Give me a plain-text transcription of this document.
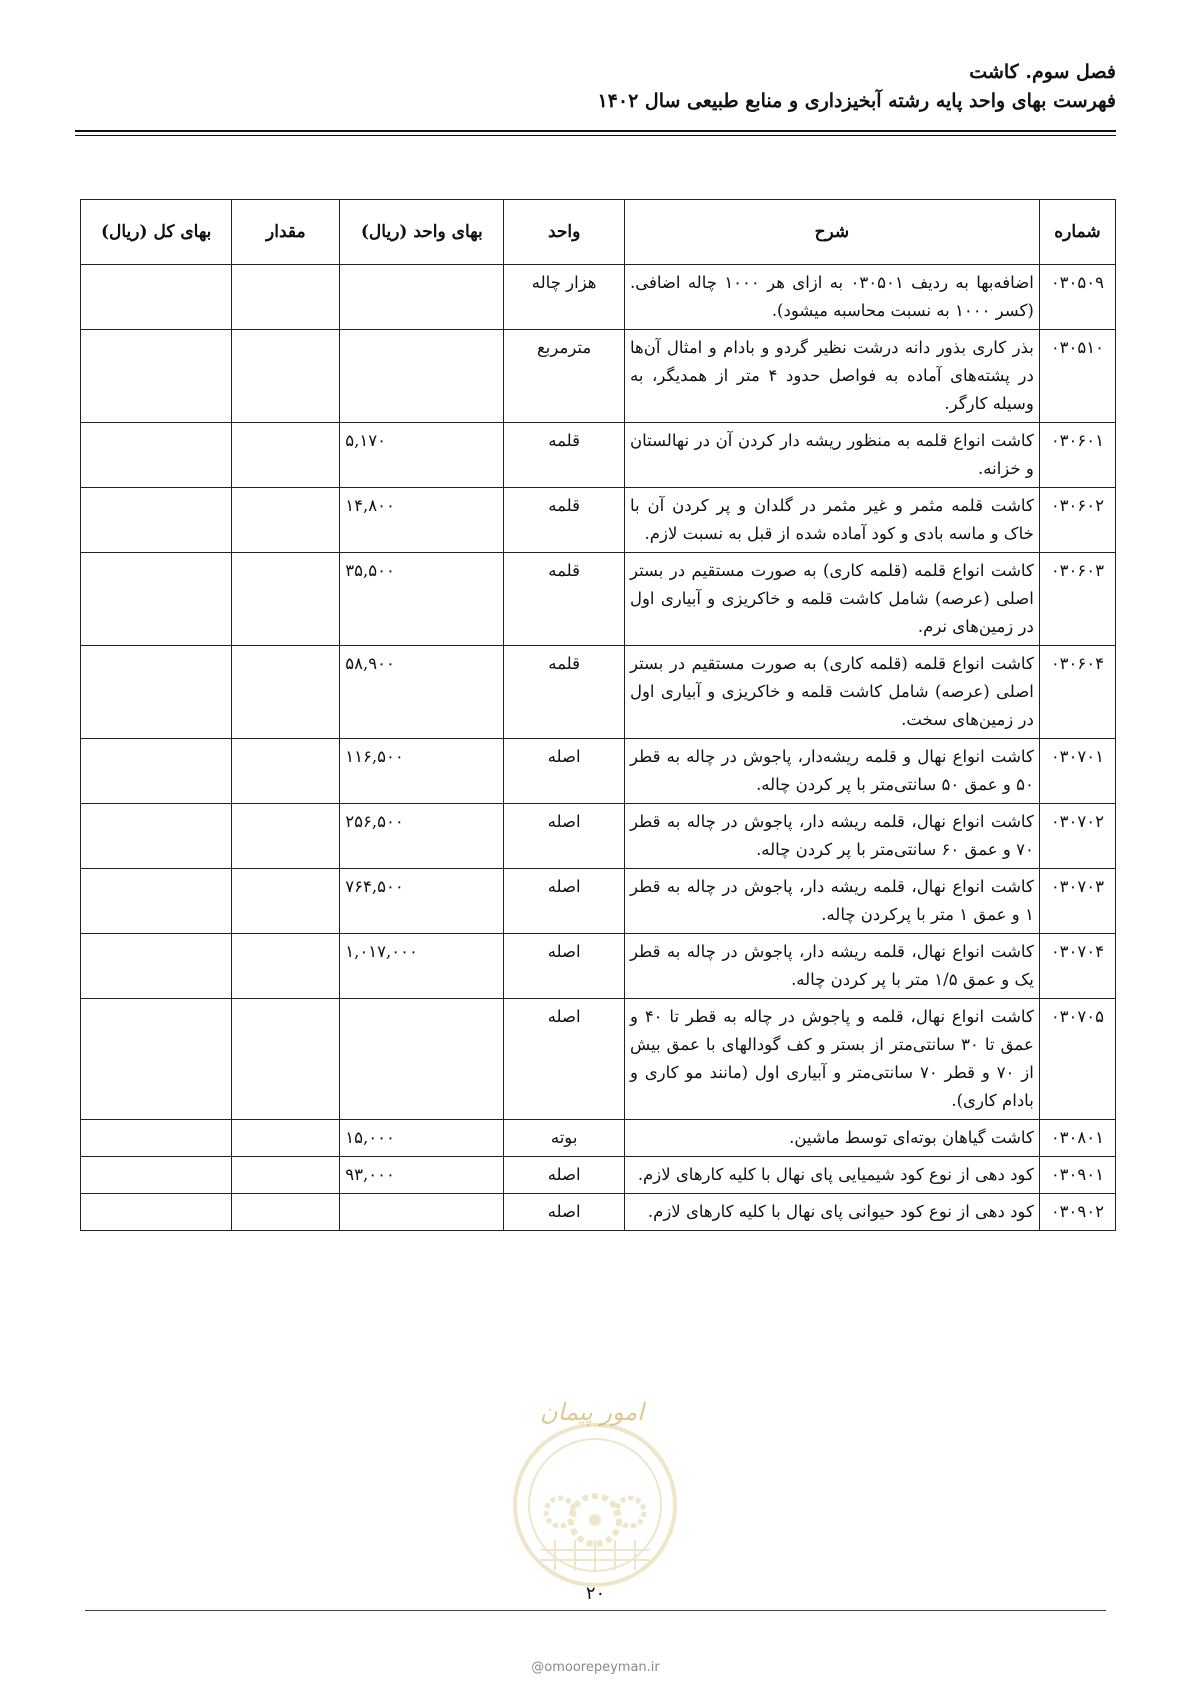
فصل سوم. کاشت
فهرست بهای واحد پایه رشته آبخیزداری و منابع طبیعی سال ۱۴۰۲
شماره	شرح	واحد	بهای واحد (ریال)	مقدار	بهای کل (ریال)
۰۳۰۵۰۹	اضافه‌بها به ردیف ۰۳۰۵۰۱ به ازای هر ۱۰۰۰ چاله اضافی. (کسر ۱۰۰۰ به نسبت محاسبه میشود).	هزار چاله			
۰۳۰۵۱۰	بذر کاری بذور دانه درشت نظیر گردو و بادام و امثال آن‌ها در پشته‌های آماده به فواصل حدود ۴ متر از همدیگر، به وسیله کارگر.	مترمربع			
۰۳۰۶۰۱	کاشت انواع قلمه به منظور ریشه دار کردن آن در نهالستان و خزانه.	قلمه	۵,۱۷۰		
۰۳۰۶۰۲	کاشت قلمه مثمر و غیر مثمر در گلدان و پر کردن آن با خاک و ماسه بادی و کود آماده شده از قبل به نسبت لازم.	قلمه	۱۴,۸۰۰		
۰۳۰۶۰۳	کاشت انواع قلمه (قلمه کاری) به صورت مستقیم در بستر اصلی (عرصه) شامل کاشت قلمه و خاکریزی و آبیاری اول در زمین‌های نرم.	قلمه	۳۵,۵۰۰		
۰۳۰۶۰۴	کاشت انواع قلمه (قلمه کاری) به صورت مستقیم در بستر اصلی (عرصه) شامل کاشت قلمه و خاکریزی و آبیاری اول در زمین‌های سخت.	قلمه	۵۸,۹۰۰		
۰۳۰۷۰۱	کاشت انواع نهال و قلمه ریشه‌دار، پاجوش در چاله به قطر ۵۰ و عمق ۵۰ سانتی‌متر با پر کردن چاله.	اصله	۱۱۶,۵۰۰		
۰۳۰۷۰۲	کاشت انواع نهال، قلمه ریشه دار، پاجوش در چاله به قطر ۷۰ و عمق ۶۰ سانتی‌متر با پر کردن چاله.	اصله	۲۵۶,۵۰۰		
۰۳۰۷۰۳	کاشت انواع نهال، قلمه ریشه دار، پاجوش در چاله به قطر ۱ و عمق ۱ متر با پرکردن چاله.	اصله	۷۶۴,۵۰۰		
۰۳۰۷۰۴	کاشت انواع نهال، قلمه ریشه دار، پاجوش در چاله به قطر یک و عمق ۱/۵ متر با پر کردن چاله.	اصله	۱,۰۱۷,۰۰۰		
۰۳۰۷۰۵	کاشت انواع نهال، قلمه و پاجوش در چاله به قطر تا ۴۰ و عمق تا ۳۰ سانتی‌متر از بستر و کف گودالهای با عمق بیش از ۷۰ و قطر ۷۰ سانتی‌متر و آبیاری اول (مانند مو کاری و بادام کاری).	اصله			
۰۳۰۸۰۱	کاشت گیاهان بوته‌ای توسط ماشین.	بوته	۱۵,۰۰۰		
۰۳۰۹۰۱	کود دهی از نوع کود شیمیایی پای نهال با کلیه کارهای لازم.	اصله	۹۳,۰۰۰		
۰۳۰۹۰۲	کود دهی از نوع کود حیوانی پای نهال با کلیه کارهای لازم.	اصله			
امور پیمان
۲۰
@omoorepeyman.ir
